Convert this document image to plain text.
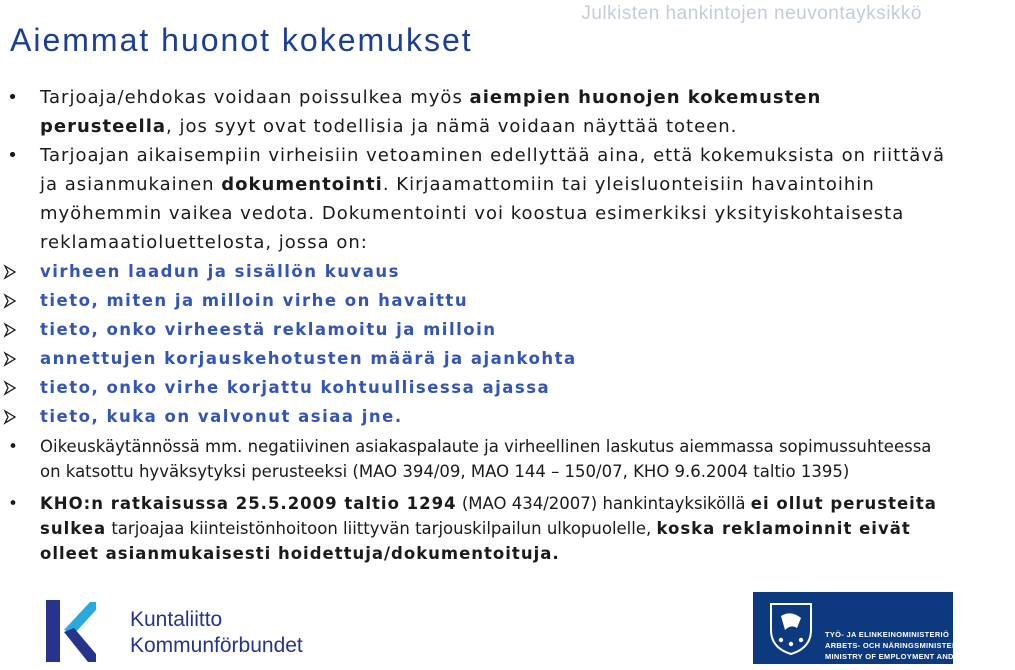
Julkisten hankintojen neuvontayksikkö
Aiemmat huonot kokemukset
• Tarjoaja/ehdokas voidaan poissulkea myös aiempien huonojen kokemusten perusteella, jos syyt ovat todellisia ja nämä voidaan näyttää toteen.
• Tarjoajan aikaisempiin virheisiin vetoaminen edellyttää aina, että kokemuksista on riittävä ja asianmukainen dokumentointi. Kirjaamattomiin tai yleisluonteisiin havaintoihin myöhemmin vaikea vedota. Dokumentointi voi koostua esimerkiksi yksityiskohtaisesta reklamaatioluettelosta, jossa on:
virheen laadun ja sisällön kuvaus
tieto, miten ja milloin virhe on havaittu
tieto, onko virheestä reklamoitu ja milloin
annettujen korjauskehotusten määrä ja ajankohta
tieto, onko virhe korjattu kohtuullisessa ajassa
tieto, kuka on valvonut asiaa jne.
• Oikeuskäytännössä mm. negatiivinen asiakaspalaute ja virheellinen laskutus aiemmassa sopimussuhteessa on katsottu hyväksytyksi perusteeksi (MAO 394/09, MAO 144 – 150/07, KHO 9.6.2004 taltio 1395)
• KHO:n ratkaisussa 25.5.2009 taltio 1294 (MAO 434/2007) hankintayksiköllä ei ollut perusteita sulkea tarjoajaa kiinteistönhoitoon liittyvän tarjouskilpailun ulkopuolelle, koska reklamoinnit eivät olleet asianmukaisesti hoidettuja/dokumentoituja.
Kuntaliitto
Kommunförbundet	TYÖ- JA ELINKEINOMINISTERIÖ
ARBETS- OCH NÄRINGSMINISTERIET
MINISTRY OF EMPLOYMENT AND THE ECONOMY
